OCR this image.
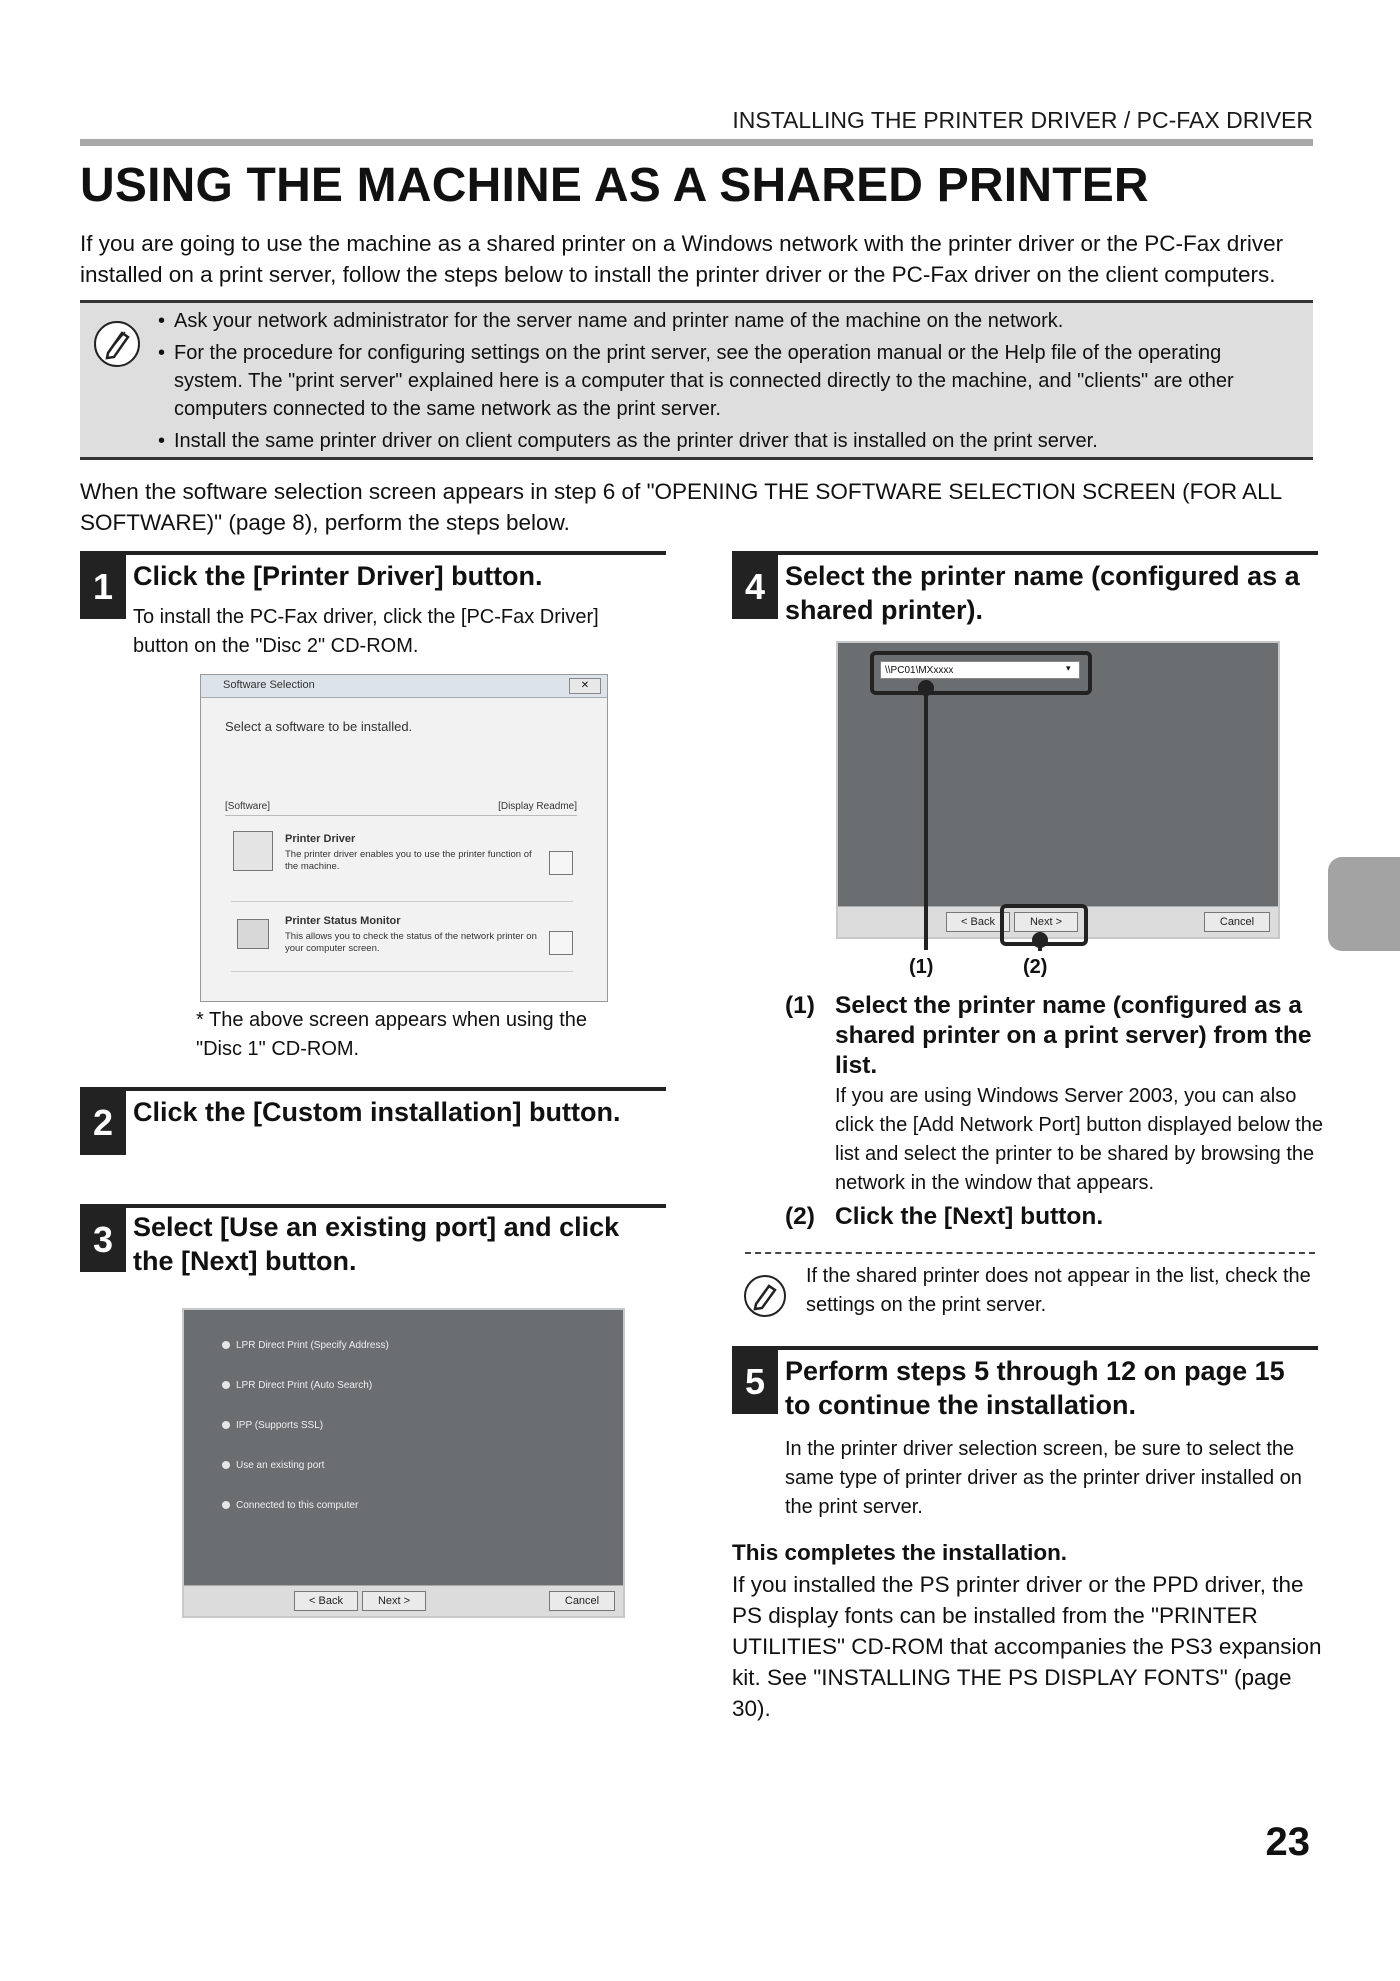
INSTALLING THE PRINTER DRIVER / PC-FAX DRIVER
USING THE MACHINE AS A SHARED PRINTER
If you are going to use the machine as a shared printer on a Windows network with the printer driver or the PC-Fax driver installed on a print server, follow the steps below to install the printer driver or the PC-Fax driver on the client computers.
• Ask your network administrator for the server name and printer name of the machine on the network.
• For the procedure for configuring settings on the print server, see the operation manual or the Help file of the operating system. The "print server" explained here is a computer that is connected directly to the machine, and "clients" are other computers connected to the same network as the print server.
• Install the same printer driver on client computers as the printer driver that is installed on the print server.
When the software selection screen appears in step 6 of "OPENING THE SOFTWARE SELECTION SCREEN (FOR ALL SOFTWARE)" (page 8), perform the steps below.
1 Click the [Printer Driver] button.
To install the PC-Fax driver, click the [PC-Fax Driver] button on the "Disc 2" CD-ROM.
Software Selection	✕
Select a software to be installed.
[Software]	[Display Readme]
Printer Driver
The printer driver enables you to use the printer function of the machine.
Printer Status Monitor
This allows you to check the status of the network printer on your computer screen.
* The above screen appears when using the "Disc 1" CD-ROM.
2 Click the [Custom installation] button.
3 Select [Use an existing port] and click the [Next] button.
LPR Direct Print (Specify Address)
LPR Direct Print (Auto Search)
IPP (Supports SSL)
Use an existing port
Connected to this computer
< Back	Next >	Cancel
4 Select the printer name (configured as a shared printer).
\\PC01\MXxxxx	▾
< Back	Next >	Cancel
(1)	(2)
(1) Select the printer name (configured as a shared printer on a print server) from the list.
If you are using Windows Server 2003, you can also click the [Add Network Port] button displayed below the list and select the printer to be shared by browsing the network in the window that appears.
(2) Click the [Next] button.
If the shared printer does not appear in the list, check the settings on the print server.
5 Perform steps 5 through 12 on page 15 to continue the installation.
In the printer driver selection screen, be sure to select the same type of printer driver as the printer driver installed on the print server.
This completes the installation.
If you installed the PS printer driver or the PPD driver, the PS display fonts can be installed from the "PRINTER UTILITIES" CD-ROM that accompanies the PS3 expansion kit. See "INSTALLING THE PS DISPLAY FONTS" (page 30).
23
